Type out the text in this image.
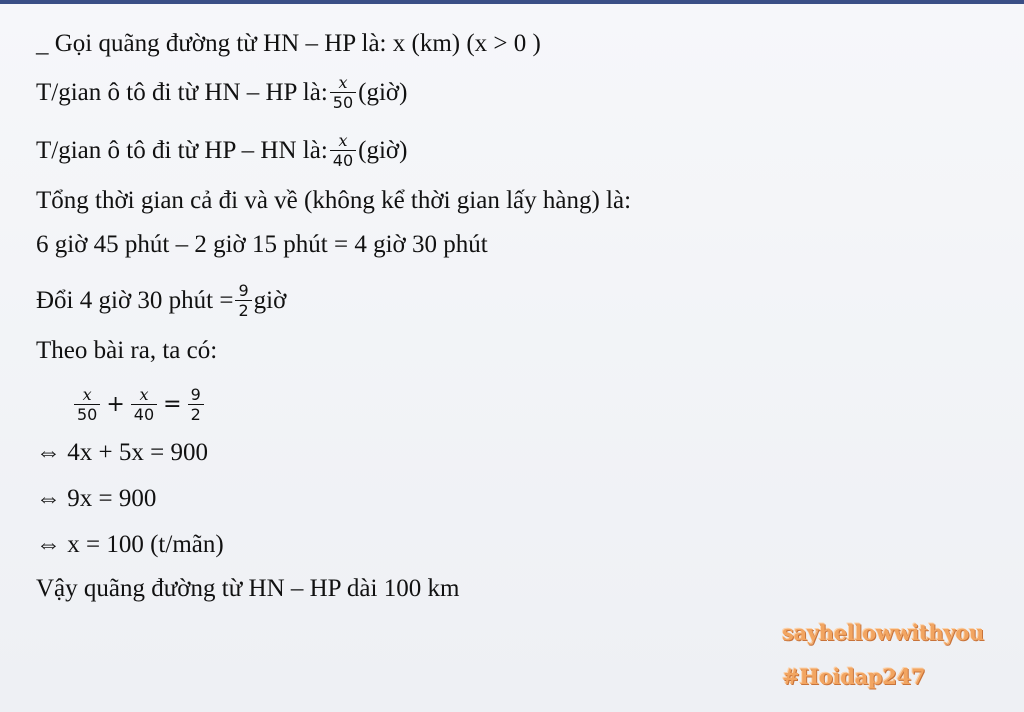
_ Gọi quãng đường từ HN – HP là: x (km) (x > 0 )
T/gian ô tô đi từ HN – HP là: $\frac{x}{50}$ (giờ)
T/gian ô tô đi từ HP – HN là: $\frac{x}{40}$ (giờ)
Tổng thời gian cả đi và về (không kể thời gian lấy hàng) là:
6 giờ 45 phút – 2 giờ 15 phút = 4 giờ 30 phút
Đổi 4 giờ 30 phút = $\frac{9}{2}$ giờ
Theo bài ra, ta có:
$\frac{x}{50} + \frac{x}{40} = \frac{9}{2}$
⇔ 4x + 5x = 900
⇔ 9x = 900
⇔ x = 100 (t/mãn)
Vậy quãng đường từ HN – HP dài 100 km
sayhellowwithyou
#Hoidap247
